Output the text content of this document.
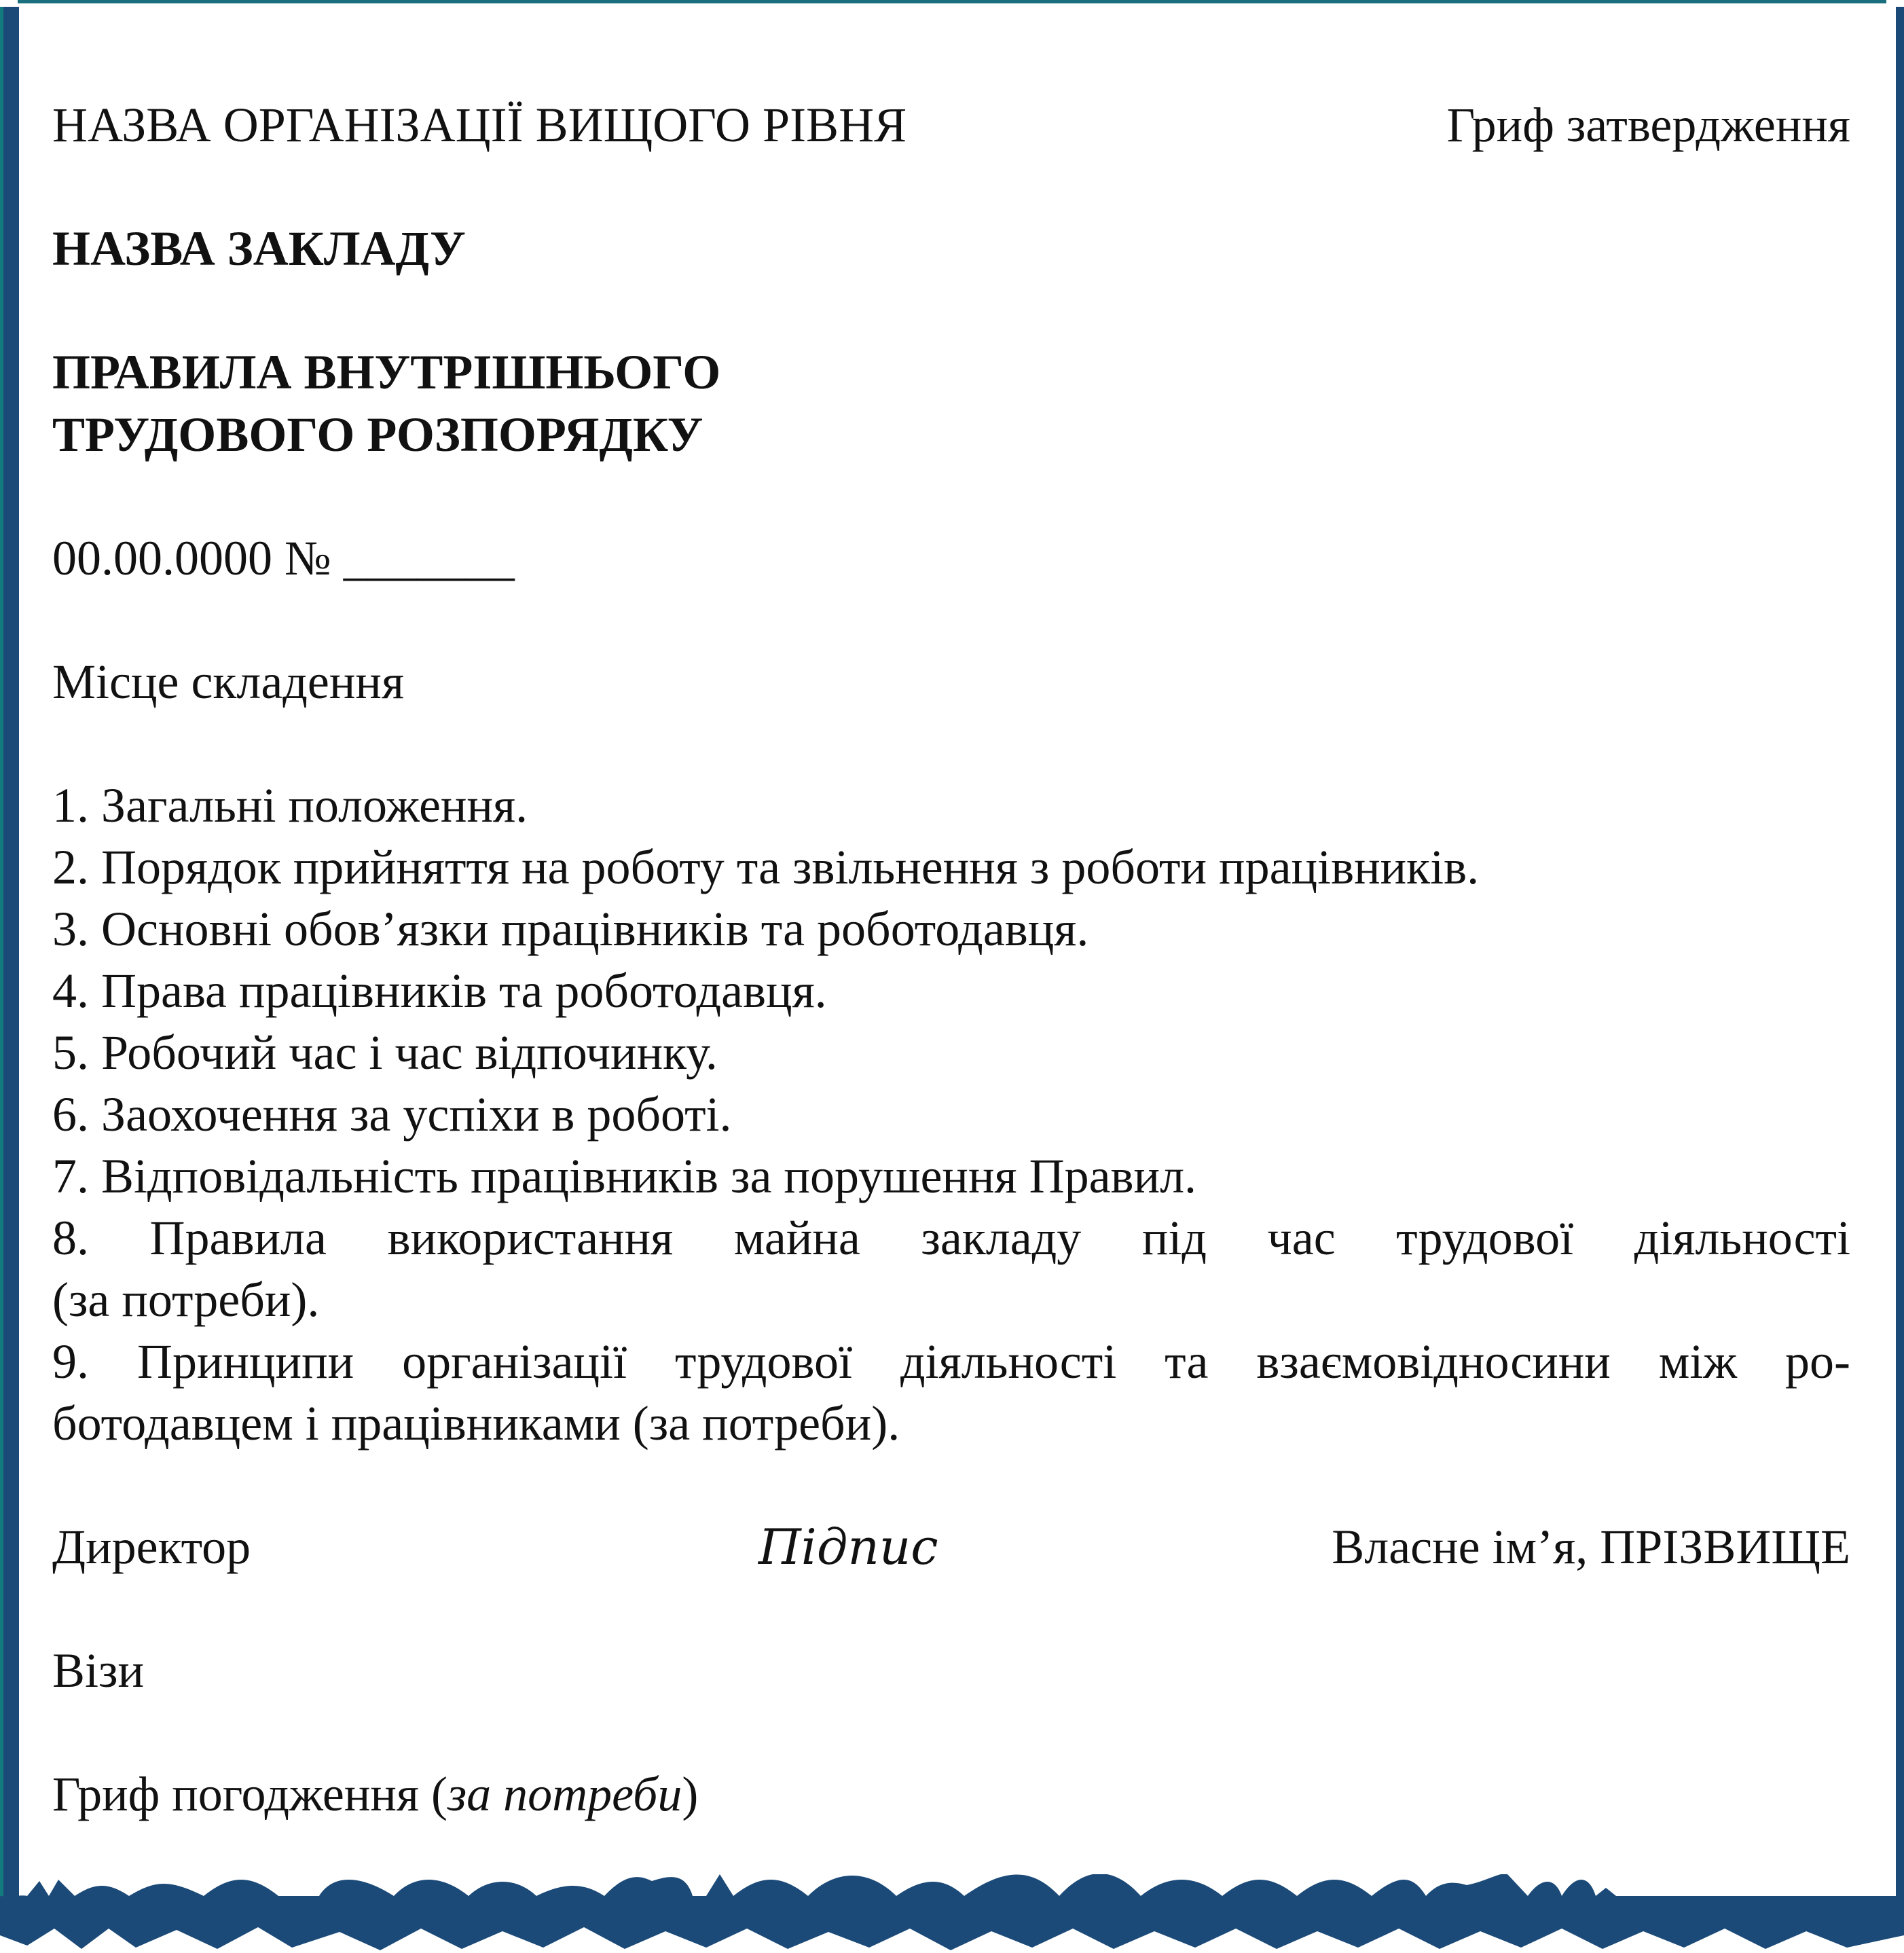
НАЗВА ОРГАНІЗАЦІЇ ВИЩОГО РІВНЯ	Гриф затвердження
НАЗВА ЗАКЛАДУ
ПРАВИЛА ВНУТРІШНЬОГО
ТРУДОВОГО РОЗПОРЯДКУ
00.00.0000 № _______
Місце складення
1. Загальні положення.
2. Порядок прийняття на роботу та звільнення з роботи працівників.
3. Основні обов’язки працівників та роботодавця.
4. Права працівників та роботодавця.
5. Робочий час і час відпочинку.
6. Заохочення за успіхи в роботі.
7. Відповідальність працівників за порушення Правил.
8. Правила використання майна закладу під час трудової діяльності
(за потреби).
9. Принципи організації трудової діяльності та взаємовідносини між ро-
ботодавцем і працівниками (за потреби).
Директор	Підпис	Власне ім’я, ПРІЗВИЩЕ
Візи
Гриф погодження (за потреби)
